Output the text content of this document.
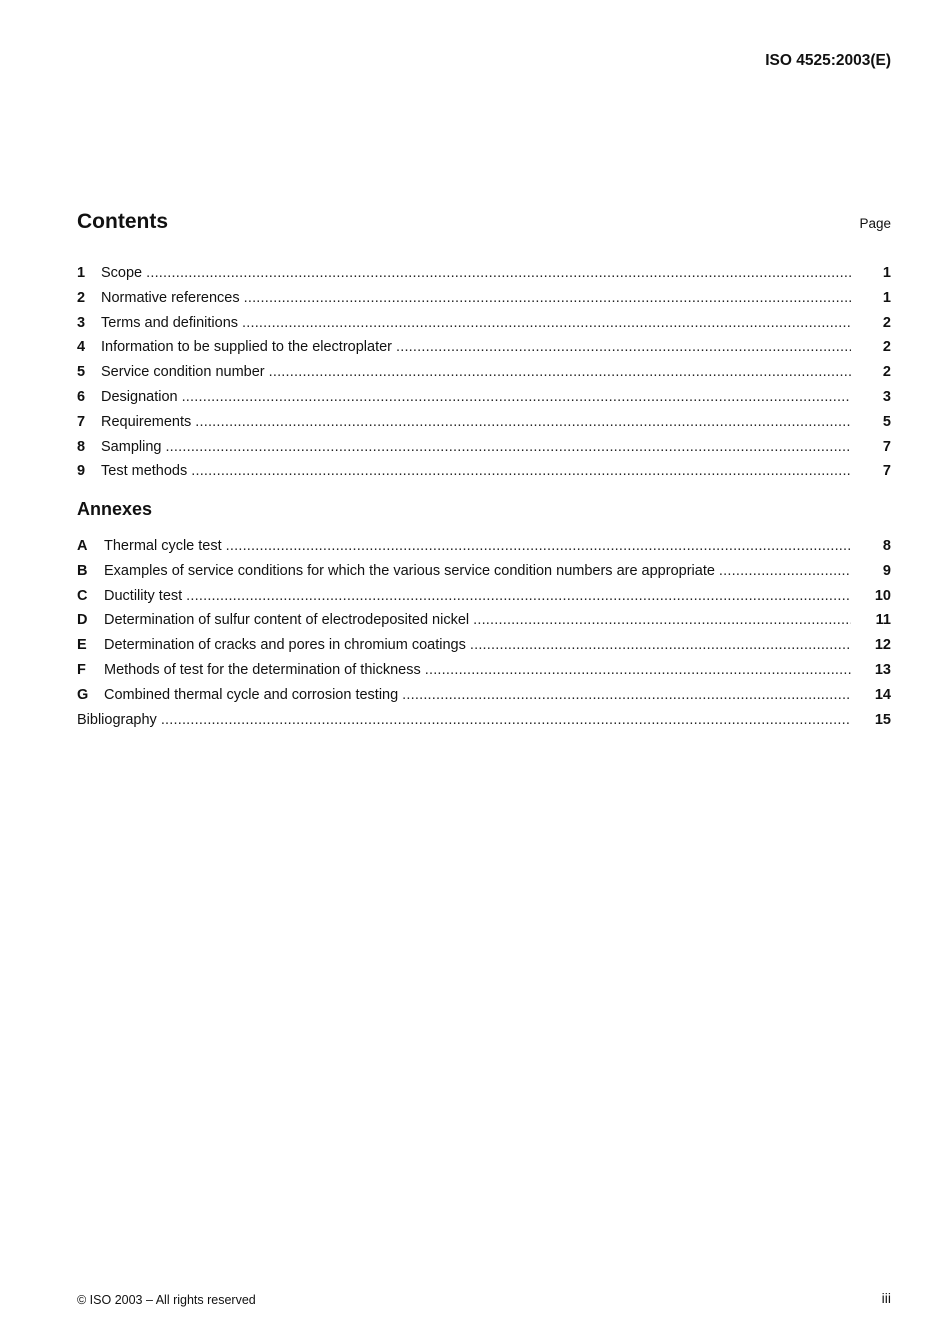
ISO 4525:2003(E)
Contents	Page
1	Scope .....	1
2	Normative references .....	1
3	Terms and definitions .....	2
4	Information to be supplied to the electroplater .....	2
5	Service condition number .....	2
6	Designation .....	3
7	Requirements .....	5
8	Sampling .....	7
9	Test methods .....	7
Annexes
A	Thermal cycle test .....	8
B	Examples of service conditions for which the various service condition numbers are appropriate .....	9
C	Ductility test .....	10
D	Determination of sulfur content of electrodeposited nickel .....	11
E	Determination of cracks and pores in chromium coatings .....	12
F	Methods of test for the determination of thickness .....	13
G	Combined thermal cycle and corrosion testing .....	14
Bibliography .....	15
© ISO 2003 – All rights reserved	iii
